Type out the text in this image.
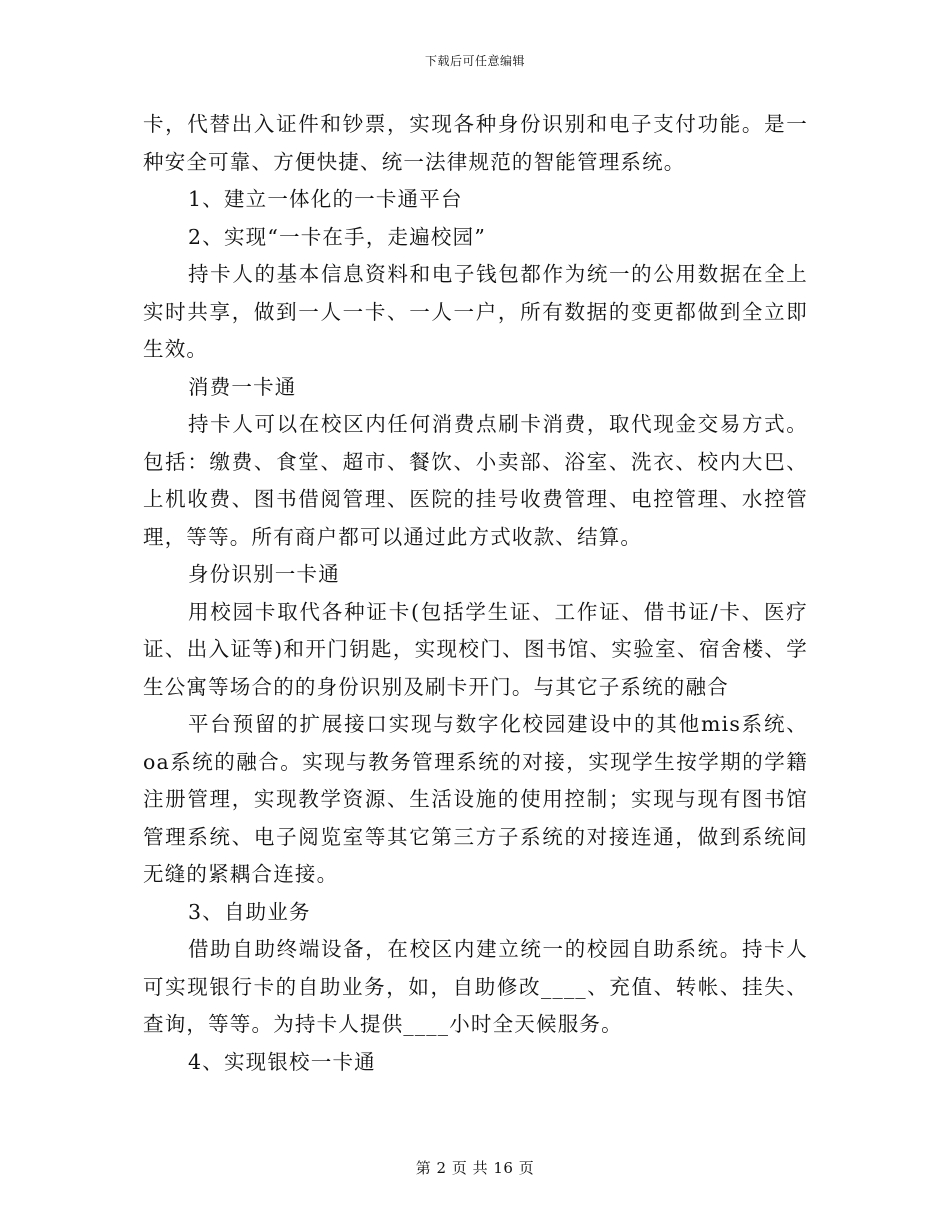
下载后可任意编辑

卡，代替出入证件和钞票，实现各种身份识别和电子支付功能。是一种安全可靠、方便快捷、统一法律规范的智能管理系统。

1、建立一体化的一卡通平台

2、实现“一卡在手，走遍校园”

持卡人的基本信息资料和电子钱包都作为统一的公用数据在全上实时共享，做到一人一卡、一人一户，所有数据的变更都做到全立即生效。

消费一卡通

持卡人可以在校区内任何消费点刷卡消费，取代现金交易方式。包括：缴费、食堂、超市、餐饮、小卖部、浴室、洗衣、校内大巴、上机收费、图书借阅管理、医院的挂号收费管理、电控管理、水控管理，等等。所有商户都可以通过此方式收款、结算。

身份识别一卡通

用校园卡取代各种证卡(包括学生证、工作证、借书证/卡、医疗证、出入证等)和开门钥匙，实现校门、图书馆、实验室、宿舍楼、学生公寓等场合的的身份识别及刷卡开门。与其它子系统的融合

平台预留的扩展接口实现与数字化校园建设中的其他mis系统、oa系统的融合。实现与教务管理系统的对接，实现学生按学期的学籍注册管理，实现教学资源、生活设施的使用控制；实现与现有图书馆管理系统、电子阅览室等其它第三方子系统的对接连通，做到系统间无缝的紧耦合连接。

3、自助业务

借助自助终端设备，在校区内建立统一的校园自助系统。持卡人可实现银行卡的自助业务，如，自助修改____、充值、转帐、挂失、查询，等等。为持卡人提供____小时全天候服务。

4、实现银校一卡通

第 2 页 共 16 页
